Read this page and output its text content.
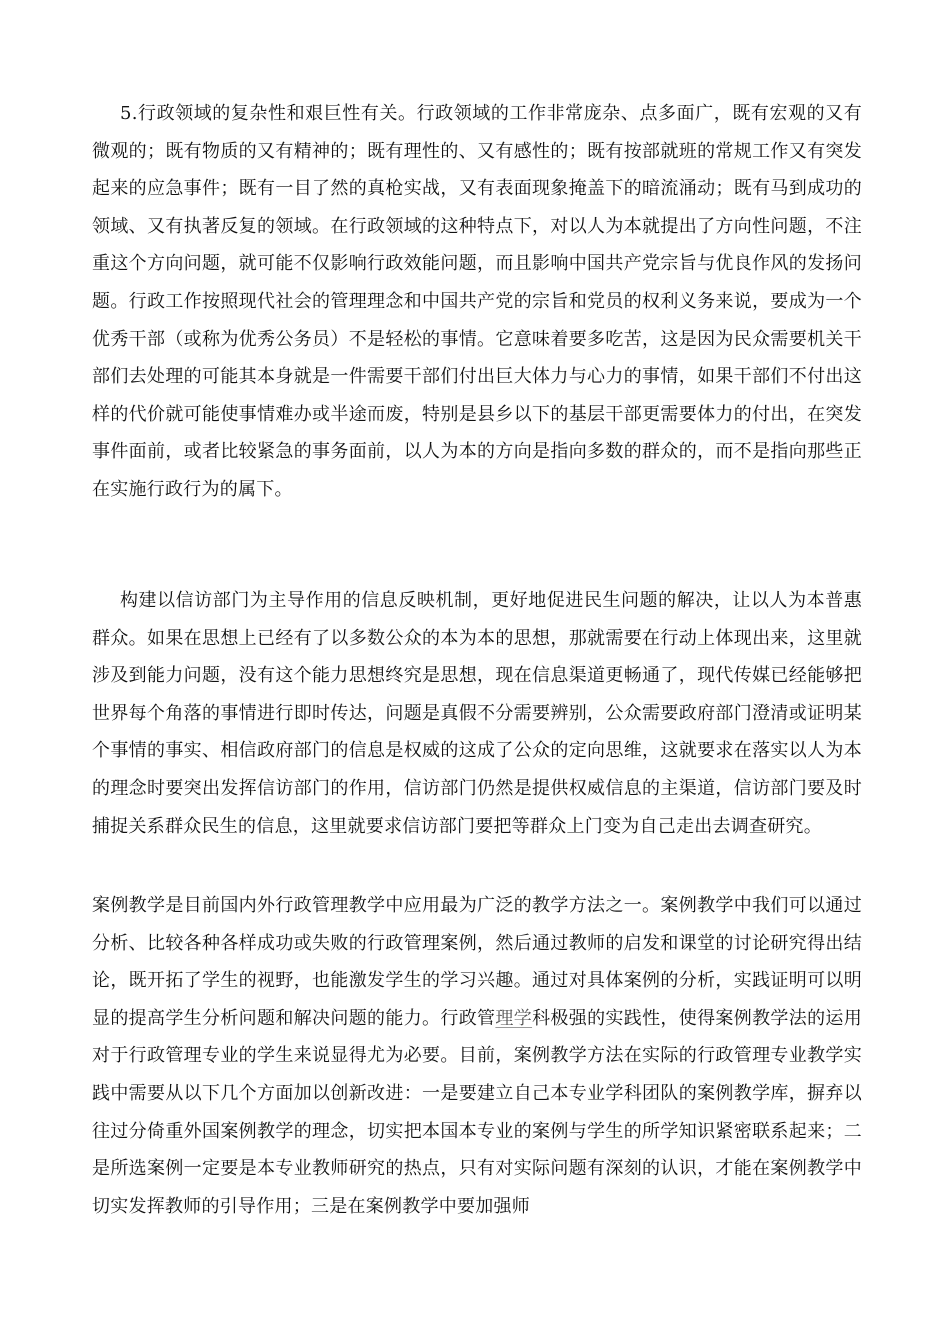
5.行政领域的复杂性和艰巨性有关。行政领域的工作非常庞杂、点多面广，既有宏观的又有微观的；既有物质的又有精神的；既有理性的、又有感性的；既有按部就班的常规工作又有突发起来的应急事件；既有一目了然的真枪实战，又有表面现象掩盖下的暗流涌动；既有马到成功的领域、又有执著反复的领域。在行政领域的这种特点下，对以人为本就提出了方向性问题，不注重这个方向问题，就可能不仅影响行政效能问题，而且影响中国共产党宗旨与优良作风的发扬问题。行政工作按照现代社会的管理理念和中国共产党的宗旨和党员的权利义务来说，要成为一个优秀干部（或称为优秀公务员）不是轻松的事情。它意味着要多吃苦，这是因为民众需要机关干部们去处理的可能其本身就是一件需要干部们付出巨大体力与心力的事情，如果干部们不付出这样的代价就可能使事情难办或半途而废，特别是县乡以下的基层干部更需要体力的付出，在突发事件面前，或者比较紧急的事务面前，以人为本的方向是指向多数的群众的，而不是指向那些正在实施行政行为的属下。

构建以信访部门为主导作用的信息反映机制，更好地促进民生问题的解决，让以人为本普惠群众。如果在思想上已经有了以多数公众的本为本的思想，那就需要在行动上体现出来，这里就涉及到能力问题，没有这个能力思想终究是思想，现在信息渠道更畅通了，现代传媒已经能够把世界每个角落的事情进行即时传达，问题是真假不分需要辨别，公众需要政府部门澄清或证明某个事情的事实、相信政府部门的信息是权威的这成了公众的定向思维，这就要求在落实以人为本的理念时要突出发挥信访部门的作用，信访部门仍然是提供权威信息的主渠道，信访部门要及时捕捉关系群众民生的信息，这里就要求信访部门要把等群众上门变为自己走出去调查研究。

案例教学是目前国内外行政管理教学中应用最为广泛的教学方法之一。案例教学中我们可以通过分析、比较各种各样成功或失败的行政管理案例，然后通过教师的启发和课堂的讨论研究得出结论，既开拓了学生的视野，也能激发学生的学习兴趣。通过对具体案例的分析，实践证明可以明显的提高学生分析问题和解决问题的能力。行政管理学科极强的实践性，使得案例教学法的运用对于行政管理专业的学生来说显得尤为必要。目前，案例教学方法在实际的行政管理专业教学实践中需要从以下几个方面加以创新改进：一是要建立自己本专业学科团队的案例教学库，摒弃以往过分倚重外国案例教学的理念，切实把本国本专业的案例与学生的所学知识紧密联系起来；二是所选案例一定要是本专业教师研究的热点，只有对实际问题有深刻的认识，才能在案例教学中切实发挥教师的引导作用；三是在案例教学中要加强师
